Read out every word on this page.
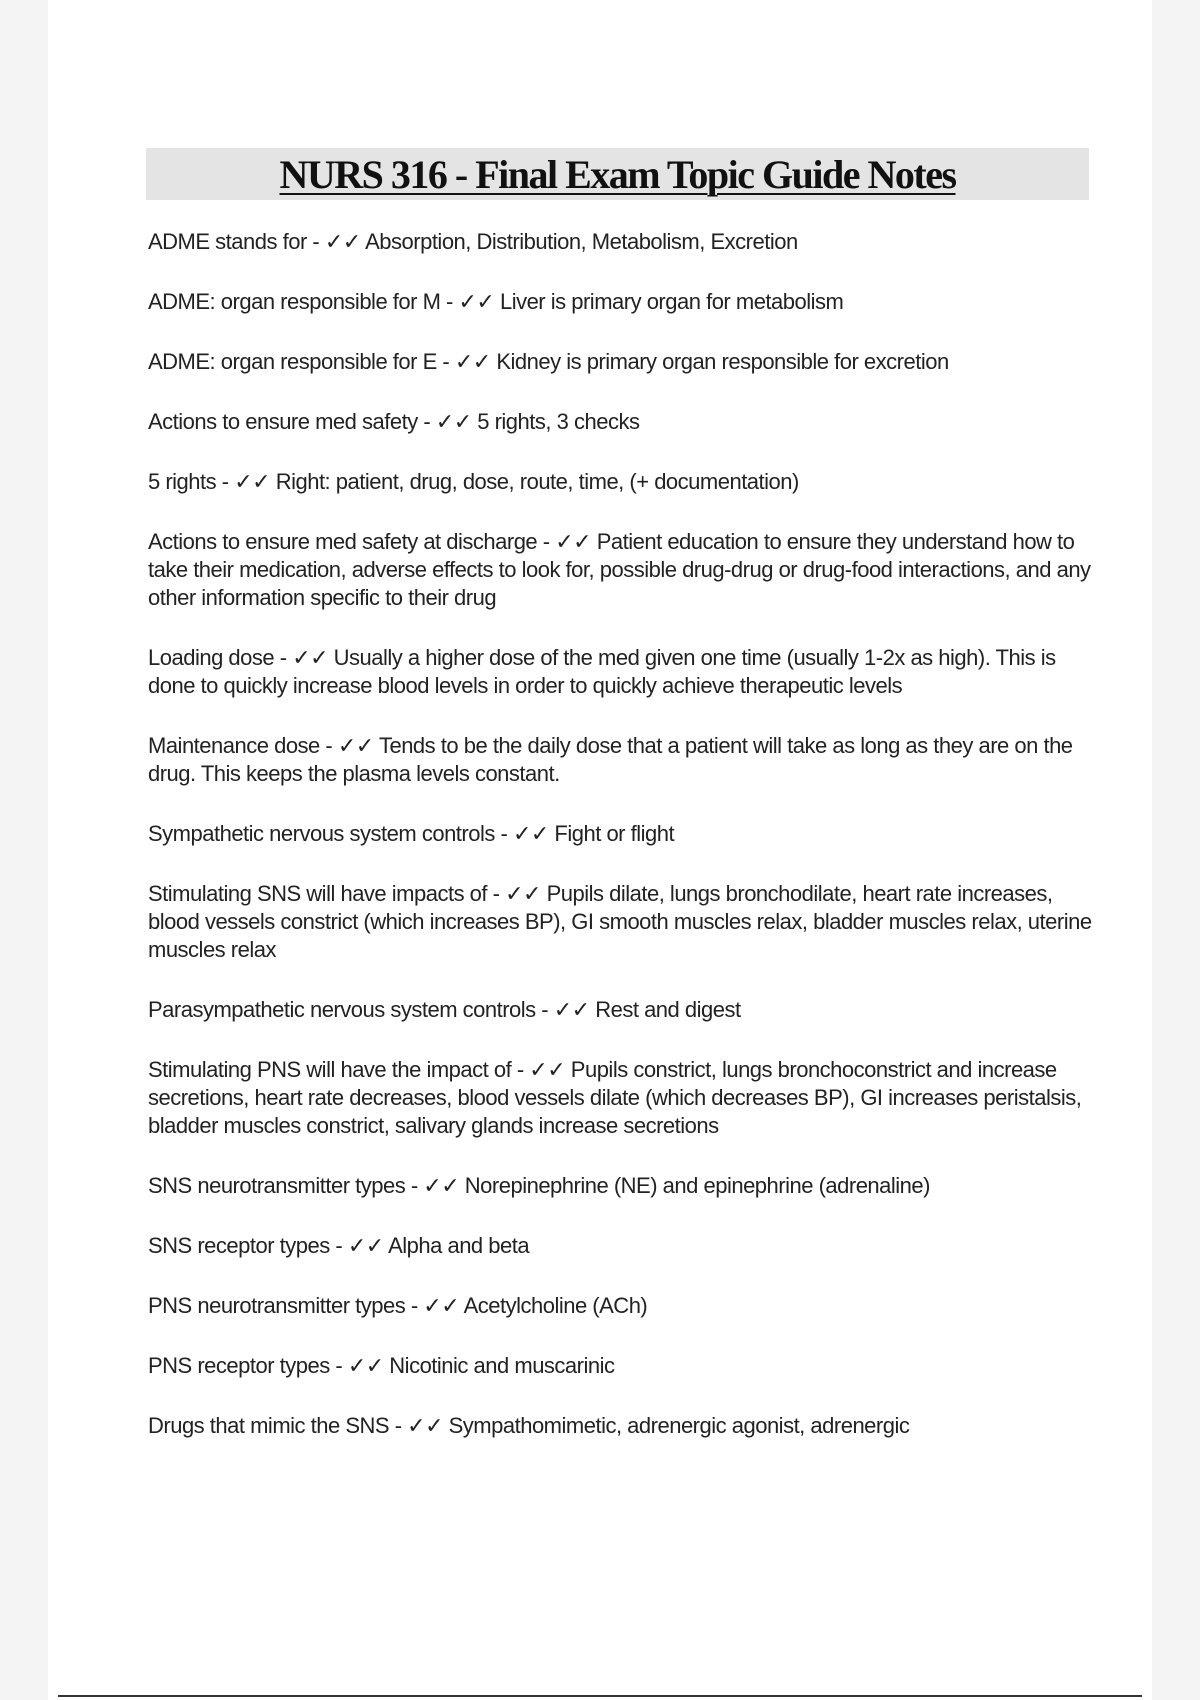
NURS 316 - Final Exam Topic Guide Notes
ADME stands for - ✓✓ Absorption, Distribution, Metabolism, Excretion
ADME: organ responsible for M - ✓✓ Liver is primary organ for metabolism
ADME: organ responsible for E - ✓✓ Kidney is primary organ responsible for excretion
Actions to ensure med safety - ✓✓ 5 rights, 3 checks
5 rights - ✓✓ Right: patient, drug, dose, route, time, (+ documentation)
Actions to ensure med safety at discharge - ✓✓ Patient education to ensure they understand how to take their medication, adverse effects to look for, possible drug-drug or drug-food interactions, and any other information specific to their drug
Loading dose - ✓✓ Usually a higher dose of the med given one time (usually 1-2x as high). This is done to quickly increase blood levels in order to quickly achieve therapeutic levels
Maintenance dose - ✓✓ Tends to be the daily dose that a patient will take as long as they are on the drug. This keeps the plasma levels constant.
Sympathetic nervous system controls - ✓✓ Fight or flight
Stimulating SNS will have impacts of - ✓✓ Pupils dilate, lungs bronchodilate, heart rate increases, blood vessels constrict (which increases BP), GI smooth muscles relax, bladder muscles relax, uterine muscles relax
Parasympathetic nervous system controls - ✓✓ Rest and digest
Stimulating PNS will have the impact of - ✓✓ Pupils constrict, lungs bronchoconstrict and increase secretions, heart rate decreases, blood vessels dilate (which decreases BP), GI increases peristalsis, bladder muscles constrict, salivary glands increase secretions
SNS neurotransmitter types - ✓✓ Norepinephrine (NE) and epinephrine (adrenaline)
SNS receptor types - ✓✓ Alpha and beta
PNS neurotransmitter types - ✓✓ Acetylcholine (ACh)
PNS receptor types - ✓✓ Nicotinic and muscarinic
Drugs that mimic the SNS - ✓✓ Sympathomimetic, adrenergic agonist, adrenergic
